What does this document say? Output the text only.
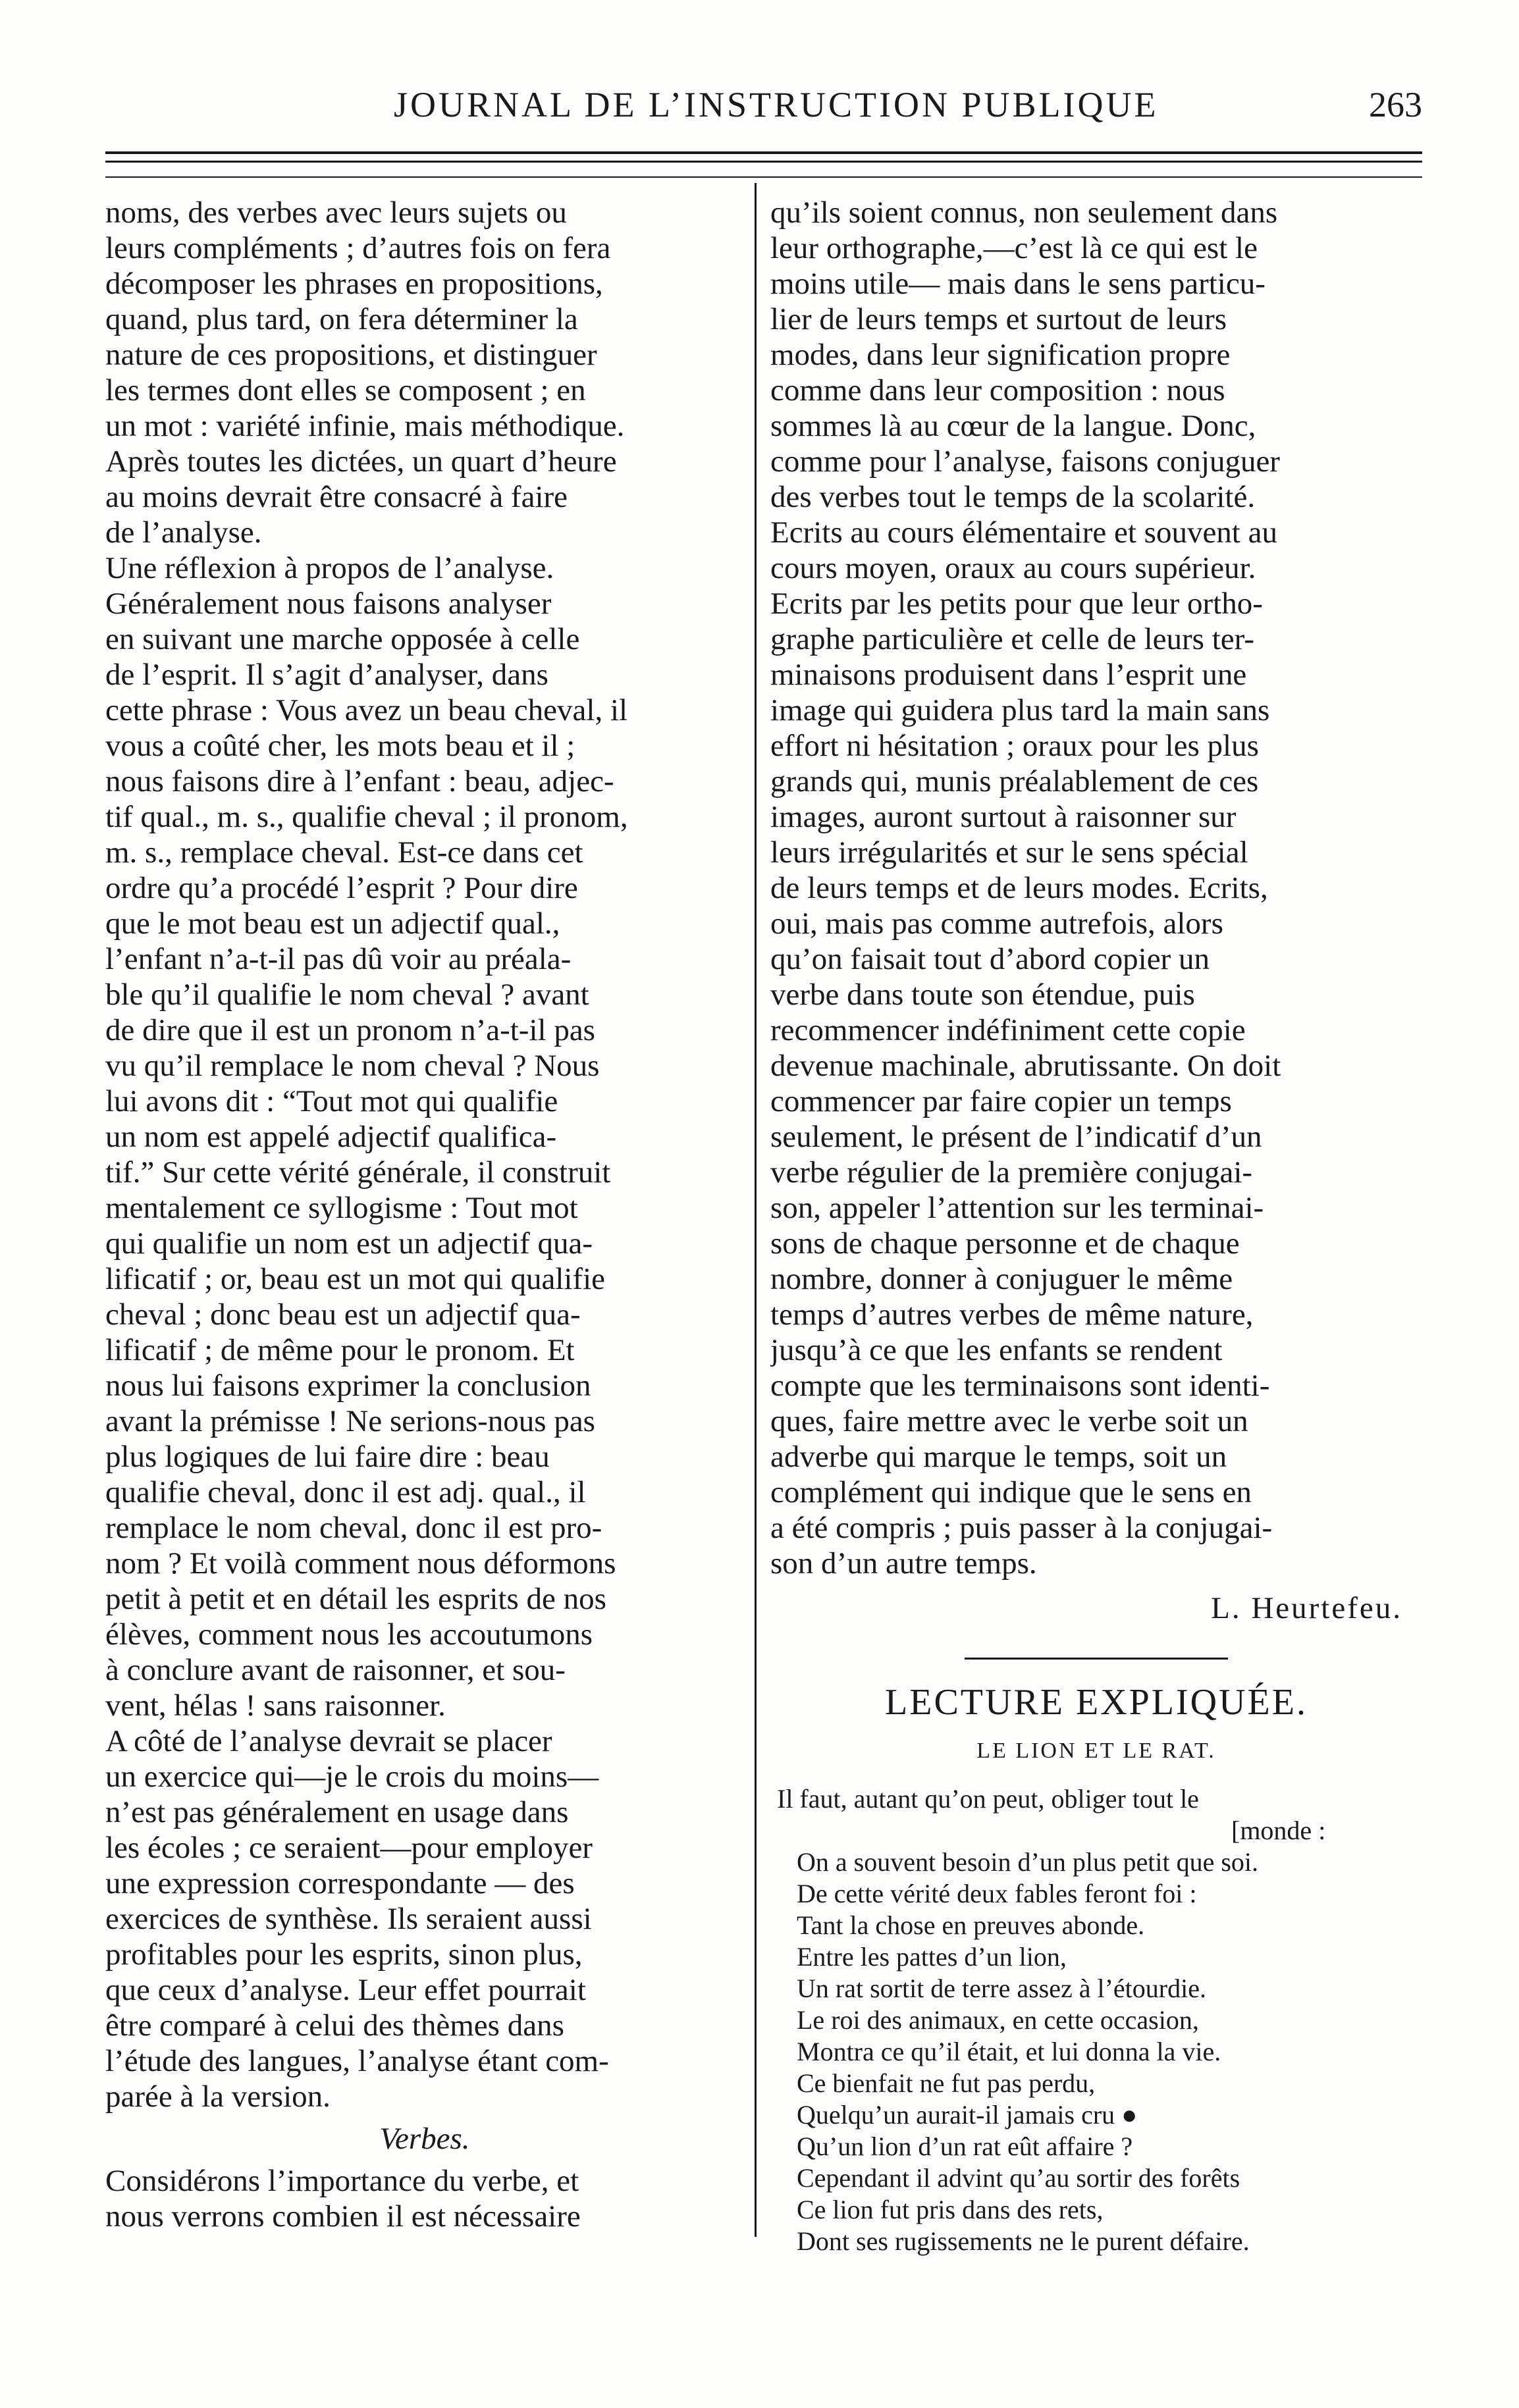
JOURNAL DE L’INSTRUCTION PUBLIQUE	263
noms, des verbes avec leurs sujets ou
leurs compléments ; d’autres fois on fera
décomposer les phrases en propositions,
quand, plus tard, on fera déterminer la
nature de ces propositions, et distinguer
les termes dont elles se composent ; en
un mot : variété infinie, mais méthodique.
Après toutes les dictées, un quart d’heure
au moins devrait être consacré à faire
de l’analyse.
Une réflexion à propos de l’analyse.
Généralement nous faisons analyser
en suivant une marche opposée à celle
de l’esprit. Il s’agit d’analyser, dans
cette phrase : Vous avez un beau cheval, il
vous a coûté cher, les mots beau et il ;
nous faisons dire à l’enfant : beau, adjec-
tif qual., m. s., qualifie cheval ; il pronom,
m. s., remplace cheval. Est-ce dans cet
ordre qu’a procédé l’esprit ? Pour dire
que le mot beau est un adjectif qual.,
l’enfant n’a-t-il pas dû voir au préala-
ble qu’il qualifie le nom cheval ? avant
de dire que il est un pronom n’a-t-il pas
vu qu’il remplace le nom cheval ? Nous
lui avons dit : “Tout mot qui qualifie
un nom est appelé adjectif qualifica-
tif.” Sur cette vérité générale, il construit
mentalement ce syllogisme : Tout mot
qui qualifie un nom est un adjectif qua-
lificatif ; or, beau est un mot qui qualifie
cheval ; donc beau est un adjectif qua-
lificatif ; de même pour le pronom. Et
nous lui faisons exprimer la conclusion
avant la prémisse ! Ne serions-nous pas
plus logiques de lui faire dire : beau
qualifie cheval, donc il est adj. qual., il
remplace le nom cheval, donc il est pro-
nom ? Et voilà comment nous déformons
petit à petit et en détail les esprits de nos
élèves, comment nous les accoutumons
à conclure avant de raisonner, et sou-
vent, hélas ! sans raisonner.
A côté de l’analyse devrait se placer
un exercice qui—je le crois du moins—
n’est pas généralement en usage dans
les écoles ; ce seraient—pour employer
une expression correspondante — des
exercices de synthèse. Ils seraient aussi
profitables pour les esprits, sinon plus,
que ceux d’analyse. Leur effet pourrait
être comparé à celui des thèmes dans
l’étude des langues, l’analyse étant com-
parée à la version.
Verbes.
Considérons l’importance du verbe, et
nous verrons combien il est nécessaire
qu’ils soient connus, non seulement dans
leur orthographe,—c’est là ce qui est le
moins utile— mais dans le sens particu-
lier de leurs temps et surtout de leurs
modes, dans leur signification propre
comme dans leur composition : nous
sommes là au cœur de la langue. Donc,
comme pour l’analyse, faisons conjuguer
des verbes tout le temps de la scolarité.
Ecrits au cours élémentaire et souvent au
cours moyen, oraux au cours supérieur.
Ecrits par les petits pour que leur ortho-
graphe particulière et celle de leurs ter-
minaisons produisent dans l’esprit une
image qui guidera plus tard la main sans
effort ni hésitation ; oraux pour les plus
grands qui, munis préalablement de ces
images, auront surtout à raisonner sur
leurs irrégularités et sur le sens spécial
de leurs temps et de leurs modes. Ecrits,
oui, mais pas comme autrefois, alors
qu’on faisait tout d’abord copier un
verbe dans toute son étendue, puis
recommencer indéfiniment cette copie
devenue machinale, abrutissante. On doit
commencer par faire copier un temps
seulement, le présent de l’indicatif d’un
verbe régulier de la première conjugai-
son, appeler l’attention sur les terminai-
sons de chaque personne et de chaque
nombre, donner à conjuguer le même
temps d’autres verbes de même nature,
jusqu’à ce que les enfants se rendent
compte que les terminaisons sont identi-
ques, faire mettre avec le verbe soit un
adverbe qui marque le temps, soit un
complément qui indique que le sens en
a été compris ; puis passer à la conjugai-
son d’un autre temps.
L. Heurtefeu.
LECTURE EXPLIQUÉE.
LE LION ET LE RAT.
Il faut, autant qu’on peut, obliger tout le
[monde :
On a souvent besoin d’un plus petit que soi.
De cette vérité deux fables feront foi :
Tant la chose en preuves abonde.
Entre les pattes d’un lion,
Un rat sortit de terre assez à l’étourdie.
Le roi des animaux, en cette occasion,
Montra ce qu’il était, et lui donna la vie.
Ce bienfait ne fut pas perdu,
Quelqu’un aurait-il jamais cru ●
Qu’un lion d’un rat eût affaire ?
Cependant il advint qu’au sortir des forêts
Ce lion fut pris dans des rets,
Dont ses rugissements ne le purent défaire.
